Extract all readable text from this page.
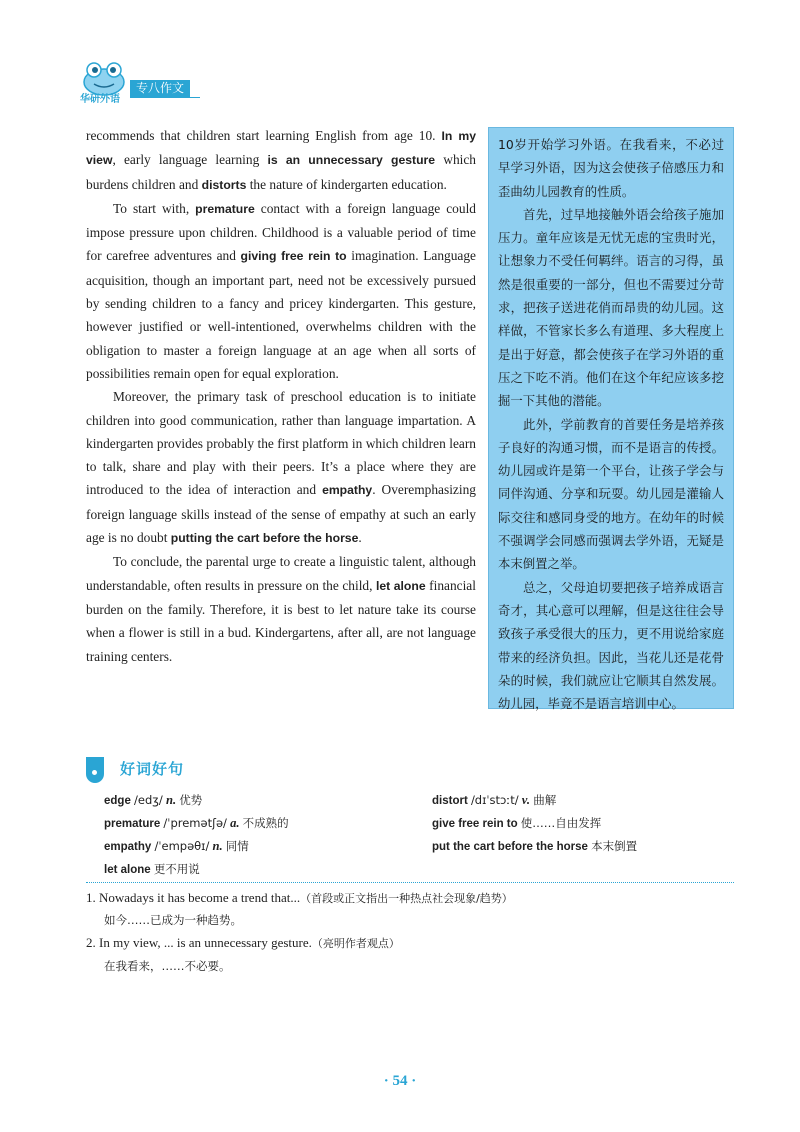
华研外语
专八作文

recommends that children start learning English from age 10. In my view, early language learning is an unnecessary gesture which burdens children and distorts the nature of kindergarten education.

To start with, premature contact with a foreign language could impose pressure upon children. Childhood is a valuable period of time for carefree adventures and giving free rein to imagination. Language acquisition, though an important part, need not be excessively pursued by sending children to a fancy and pricey kindergarten. This gesture, however justified or well-intentioned, overwhelms children with the obligation to master a foreign language at an age when all sorts of possibilities remain open for equal exploration.

Moreover, the primary task of preschool education is to initiate children into good communication, rather than language impartation. A kindergarten provides probably the first platform in which children learn to talk, share and play with their peers. It’s a place where they are introduced to the idea of interaction and empathy. Overemphasizing foreign language skills instead of the sense of empathy at such an early age is no doubt putting the cart before the horse.

To conclude, the parental urge to create a linguistic talent, although understandable, often results in pressure on the child, let alone financial burden on the family. Therefore, it is best to let nature take its course when a flower is still in a bud. Kindergartens, after all, are not language training centers.

10岁开始学习外语。在我看来，不必过早学习外语，因为这会使孩子倍感压力和歪曲幼儿园教育的性质。

首先，过早地接触外语会给孩子施加压力。童年应该是无忧无虑的宝贵时光，让想象力不受任何羁绊。语言的习得，虽然是很重要的一部分，但也不需要过分苛求，把孩子送进花俏而昂贵的幼儿园。这样做，不管家长多么有道理、多大程度上是出于好意，都会使孩子在学习外语的重压之下吃不消。他们在这个年纪应该多挖掘一下其他的潜能。

此外，学前教育的首要任务是培养孩子良好的沟通习惯，而不是语言的传授。幼儿园或许是第一个平台，让孩子学会与同伴沟通、分享和玩耍。幼儿园是灌输人际交往和感同身受的地方。在幼年的时候不强调学会同感而强调去学外语，无疑是本末倒置之举。

总之，父母迫切要把孩子培养成语言奇才，其心意可以理解，但是这往往会导致孩子承受很大的压力，更不用说给家庭带来的经济负担。因此，当花儿还是花骨朵的时候，我们就应让它顺其自然发展。幼儿园，毕竟不是语言培训中心。

好词好句
edge /edʒ/ n. 优势
premature /ˈpremətʃə/ a. 不成熟的
empathy /ˈempəθɪ/ n. 同情
let alone 更不用说
distort /dɪˈstɔːt/ v. 曲解
give free rein to 使……自由发挥
put the cart before the horse 本末倒置
1. Nowadays it has become a trend that...（首段或正文指出一种热点社会现象/趋势）
如今……已成为一种趋势。
2. In my view, ... is an unnecessary gesture.（亮明作者观点）
在我看来，……不必要。
· 54 ·
